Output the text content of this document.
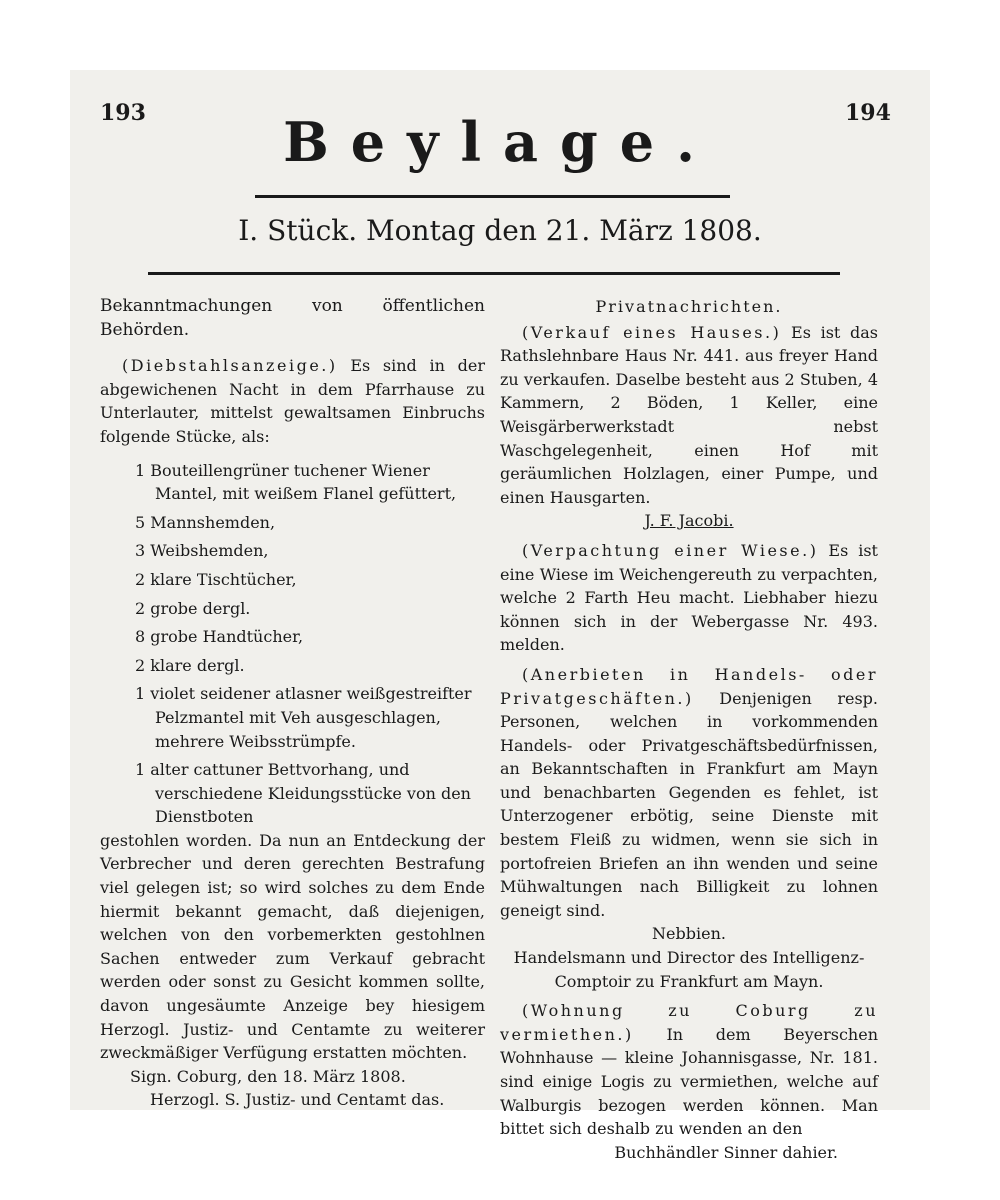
193	194
Beylage.
I. Stück. Montag den 21. März 1808.

Bekanntmachungen von öffentlichen Behörden.

(Diebstahlsanzeige.) Es sind in der abgewichenen Nacht in dem Pfarrhause zu Unterlauter, mittelst gewaltsamen Einbruchs folgende Stücke, als:

1 Bouteillengrüner tuchener Wiener Mantel, mit weißem Flanel gefüttert,

5 Mannshemden,

3 Weibshemden,

2 klare Tischtücher,

2 grobe dergl.

8 grobe Handtücher,

2 klare dergl.

1 violet seidener atlasner weißgestreifter Pelzmantel mit Veh ausgeschlagen, mehrere Weibsstrümpfe.

1 alter cattuner Bettvorhang, und verschiedene Kleidungsstücke von den Dienstboten

gestohlen worden. Da nun an Entdeckung der Verbrecher und deren gerechten Bestrafung viel gelegen ist; so wird solches zu dem Ende hiermit bekannt gemacht, daß diejenigen, welchen von den vorbemerkten gestohlnen Sachen entweder zum Verkauf gebracht werden oder sonst zu Gesicht kommen sollte, davon ungesäumte Anzeige bey hiesigem Herzogl. Justiz- und Centamte zu weiterer zweckmäßiger Verfügung erstatten möchten.

Sign. Coburg, den 18. März 1808.

Herzogl. S. Justiz- und Centamt das.

Privatnachrichten.

(Verkauf eines Hauses.) Es ist das Rathslehnbare Haus Nr. 441. aus freyer Hand zu verkaufen. Daselbe besteht aus 2 Stuben, 4 Kammern, 2 Böden, 1 Keller, eine Weisgärberwerkstadt nebst Waschgelegenheit, einen Hof mit geräumlichen Holzlagen, einer Pumpe, und einen Hausgarten.

J. F. Jacobi.

(Verpachtung einer Wiese.) Es ist eine Wiese im Weichengereuth zu verpachten, welche 2 Farth Heu macht. Liebhaber hiezu können sich in der Webergasse Nr. 493. melden.

(Anerbieten in Handels- oder Privatgeschäften.) Denjenigen resp. Personen, welchen in vorkommenden Handels- oder Privatgeschäftsbedürfnissen, an Bekanntschaften in Frankfurt am Mayn und benachbarten Gegenden es fehlet, ist Unterzogener erbötig, seine Dienste mit bestem Fleiß zu widmen, wenn sie sich in portofreien Briefen an ihn wenden und seine Mühwaltungen nach Billigkeit zu lohnen geneigt sind.

Nebbien.

Handelsmann und Director des Intelligenz-

Comptoir zu Frankfurt am Mayn.

(Wohnung zu Coburg zu vermiethen.) In dem Beyerschen Wohnhause — kleine Johannisgasse, Nr. 181. sind einige Logis zu vermiethen, welche auf Walburgis bezogen werden können. Man bittet sich deshalb zu wenden an den

Buchhändler Sinner dahier.
